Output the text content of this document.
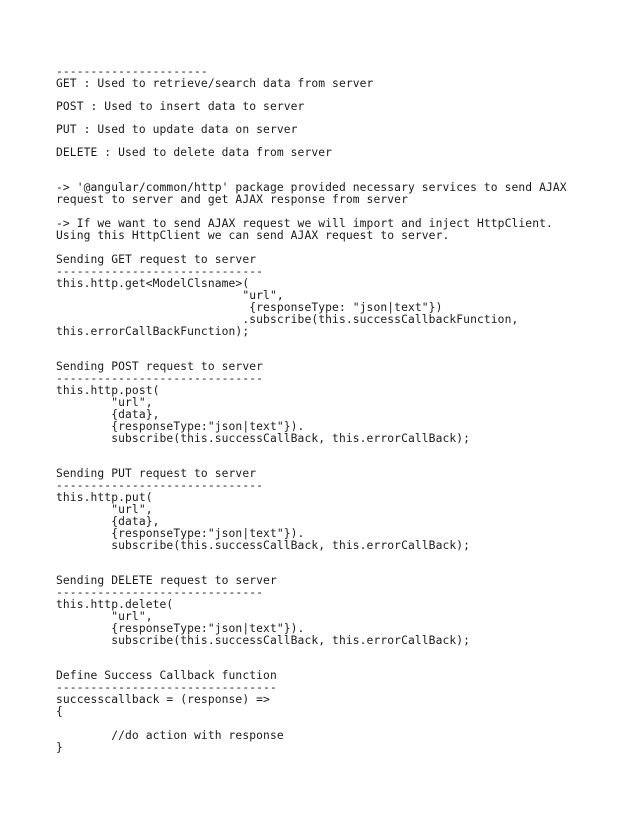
----------------------
GET : Used to retrieve/search data from server
POST : Used to insert data to server
PUT : Used to update data on server
DELETE : Used to delete data from server
-> '@angular/common/http' package provided necessary services to send AJAX
request to server and get AJAX response from server
-> If we want to send AJAX request we will import and inject HttpClient.
Using this HttpClient we can send AJAX request to server.
Sending GET request to server
------------------------------
this.http.get<ModelClsname>(
"url",
{responseType: "json|text"})
.subscribe(this.successCallbackFunction,
this.errorCallBackFunction);
Sending POST request to server
------------------------------
this.http.post(
"url",
{data},
{responseType:"json|text"}).
subscribe(this.successCallBack, this.errorCallBack);
Sending PUT request to server
------------------------------
this.http.put(
"url",
{data},
{responseType:"json|text"}).
subscribe(this.successCallBack, this.errorCallBack);
Sending DELETE request to server
------------------------------
this.http.delete(
"url",
{responseType:"json|text"}).
subscribe(this.successCallBack, this.errorCallBack);
Define Success Callback function
--------------------------------
successcallback = (response) =>
{
//do action with response
}
